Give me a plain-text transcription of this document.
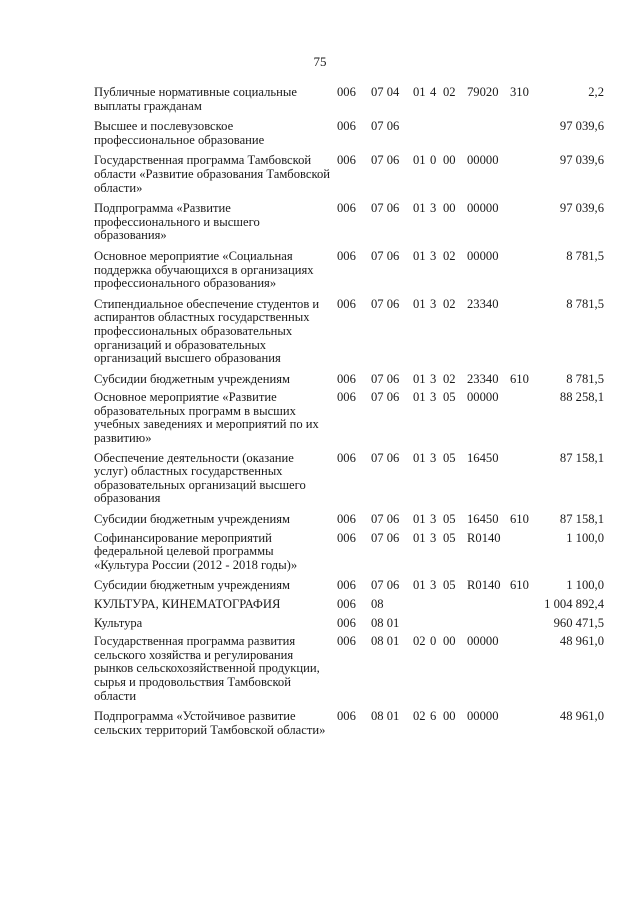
75
Публичные нормативные социальные выплаты гражданам
006 07 04 01 4 02 79020 310	2,2
Высшее и послевузовское профессиональное образование
006 07 06	97 039,6
Государственная программа Тамбовской области «Развитие образования Тамбовской области»
006 07 06 01 0 00 00000	97 039,6
Подпрограмма «Развитие профессионального и высшего образования»
006 07 06 01 3 00 00000	97 039,6
Основное мероприятие «Социальная поддержка обучающихся в организациях профессионального образования»
006 07 06 01 3 02 00000	8 781,5
Стипендиальное обеспечение студентов и аспирантов областных государственных профессиональных образовательных организаций и образовательных организаций высшего образования
006 07 06 01 3 02 23340	8 781,5
Субсидии бюджетным учреждениям	006 07 06 01 3 02 23340 610	8 781,5
Основное мероприятие «Развитие образовательных программ в высших учебных заведениях и мероприятий по их развитию»
006 07 06 01 3 05 00000	88 258,1
Обеспечение деятельности (оказание услуг) областных государственных образовательных организаций высшего образования
006 07 06 01 3 05 16450	87 158,1
Субсидии бюджетным учреждениям	006 07 06 01 3 05 16450 610	87 158,1
Софинансирование мероприятий федеральной целевой программы «Культура России (2012 - 2018 годы)»
006 07 06 01 3 05 R0140	1 100,0
Субсидии бюджетным учреждениям	006 07 06 01 3 05 R0140 610	1 100,0
КУЛЬТУРА, КИНЕМАТОГРАФИЯ	006 08	1 004 892,4
Культура	006 08 01	960 471,5
Государственная программа развития сельского хозяйства и регулирования рынков сельскохозяйственной продукции, сырья и продовольствия Тамбовской области
006 08 01 02 0 00 00000	48 961,0
Подпрограмма «Устойчивое развитие сельских территорий Тамбовской области»
006 08 01 02 6 00 00000	48 961,0
